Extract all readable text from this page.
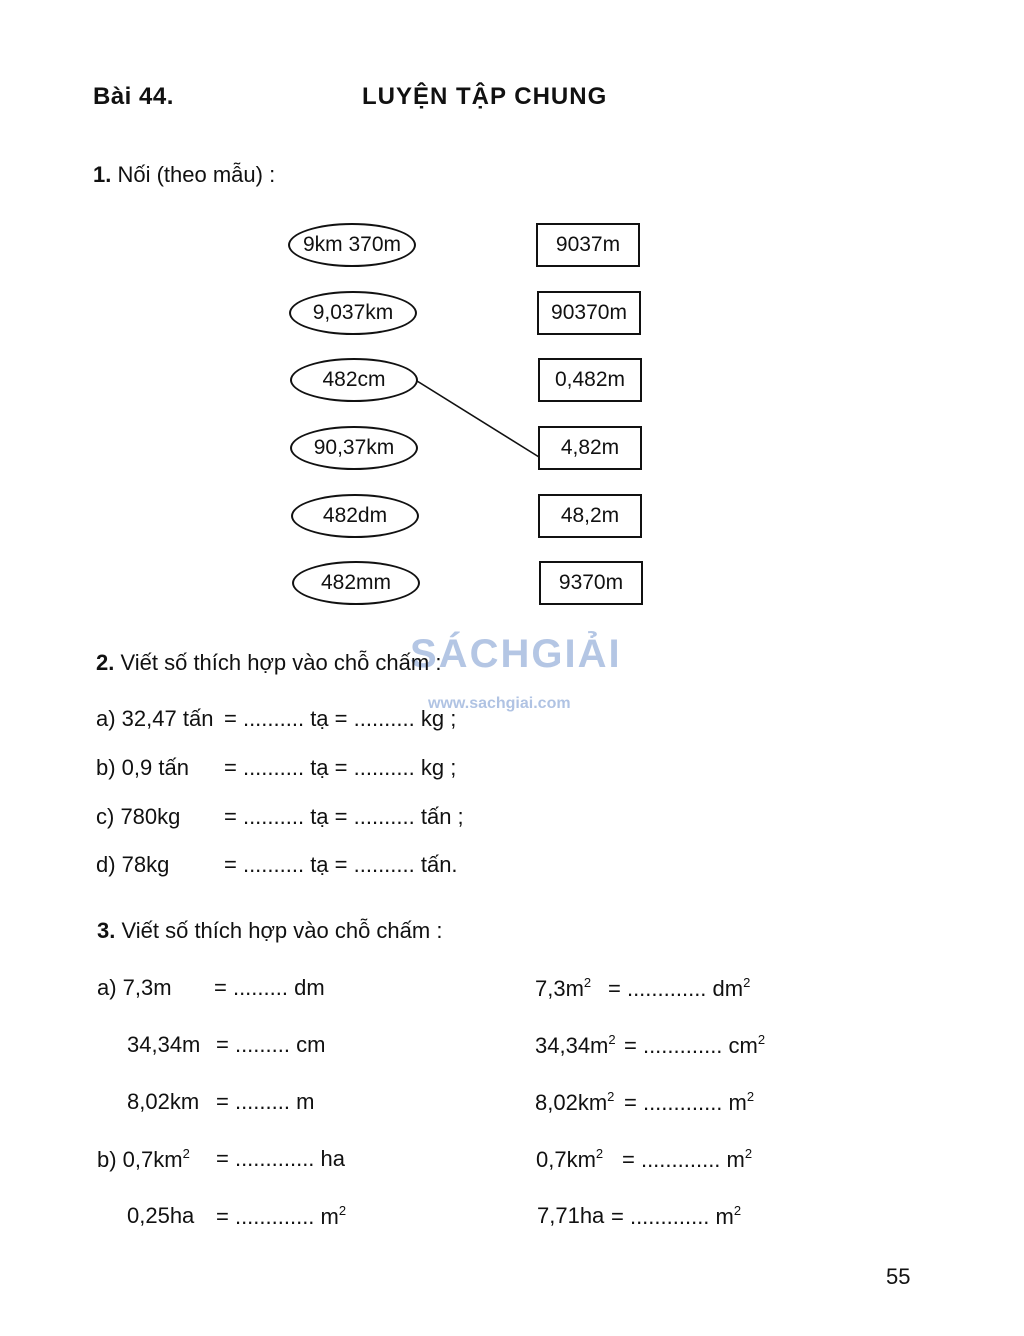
Bài 44.	LUYỆN TẬP CHUNG
1. Nối (theo mẫu) :
9km 370m
9,037km
482cm
90,37km
482dm
482mm
9037m
90370m
0,482m
4,82m
48,2m
9370m
SÁCHGIẢI
www.sachgiai.com
2. Viết số thích hợp vào chỗ chấm :
a) 32,47 tấn = .......... tạ = .......... kg ;
b) 0,9 tấn = .......... tạ = .......... kg ;
c) 780kg = .......... tạ = .......... tấn ;
d) 78kg = .......... tạ = .......... tấn.
3. Viết số thích hợp vào chỗ chấm :
a) 7,3m = ......... dm
34,34m = ......... cm
8,02km = ......... m
b) $0,7km^2$ = ............. ha
0,25ha = ............. $m^2$
$7,3m^2$ = ............. $dm^2$
$34,34m^2$ = ............. $cm^2$
$8,02km^2$ = ............. $m^2$
$0,7km^2$ = ............. $m^2$
7,71ha = ............. $m^2$
55
